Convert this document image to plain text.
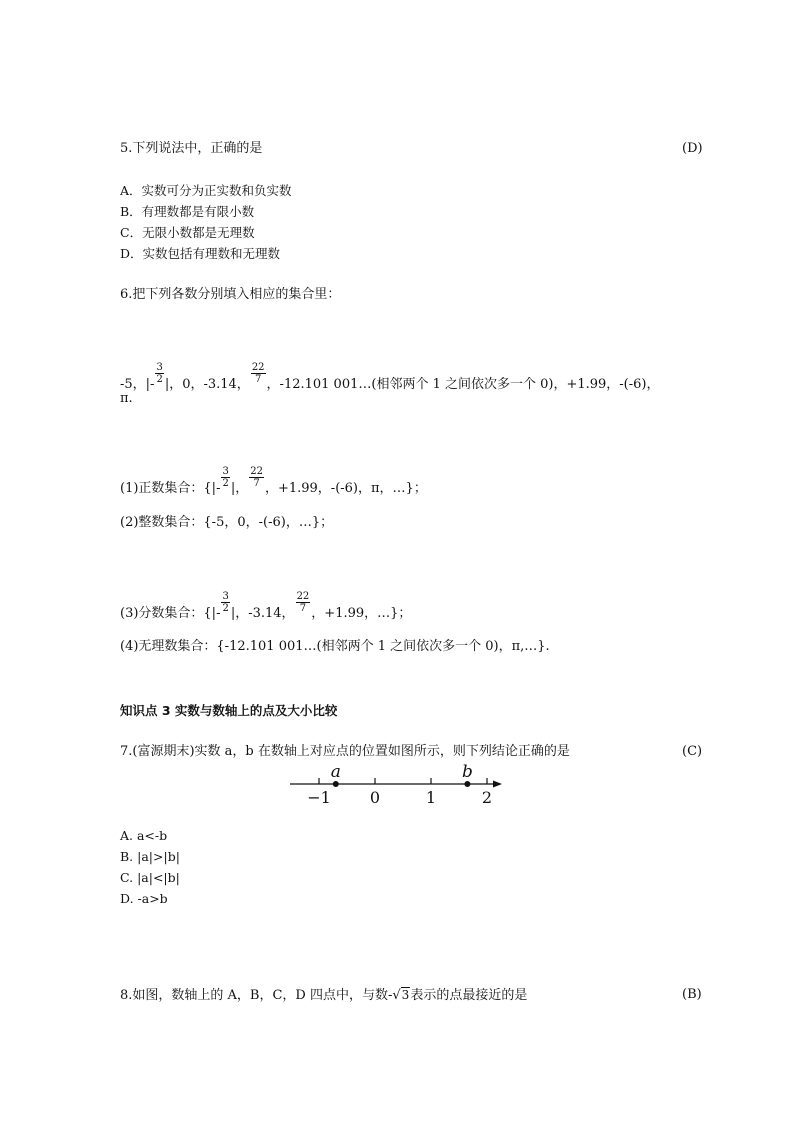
5.下列说法中，正确的是	(D)
A．实数可分为正实数和负实数
B．有理数都是有限小数
C．无限小数都是无理数
D．实数包括有理数和无理数
6.把下列各数分别填入相应的集合里：
-5，|- $\frac{3}{2}$ |，0，-3.14， $\frac{22}{7}$ ，-12.101 001…(相邻两个 1 之间依次多一个 0)，+1.99，-(-6)，
π.
(1)正数集合：{|- $\frac{3}{2}$ |， $\frac{22}{7}$ ，+1.99，-(-6)，π，…}；
(2)整数集合：{-5，0，-(-6)，…}；
(3)分数集合：{|- $\frac{3}{2}$ |，-3.14， $\frac{22}{7}$ ，+1.99，…}；
(4)无理数集合：{-12.101 001…(相邻两个 1 之间依次多一个 0)，π,…}.
知识点 3 实数与数轴上的点及大小比较
7.(富源期末)实数 a，b 在数轴上对应点的位置如图所示，则下列结论正确的是	(C)
−1 0	1	2
a	b
A. a<-b
B. |a|>|b|
C. |a|<|b|
D. -a>b
8.如图，数轴上的 A，B，C，D 四点中，与数-√3表示的点最接近的是	(B)
